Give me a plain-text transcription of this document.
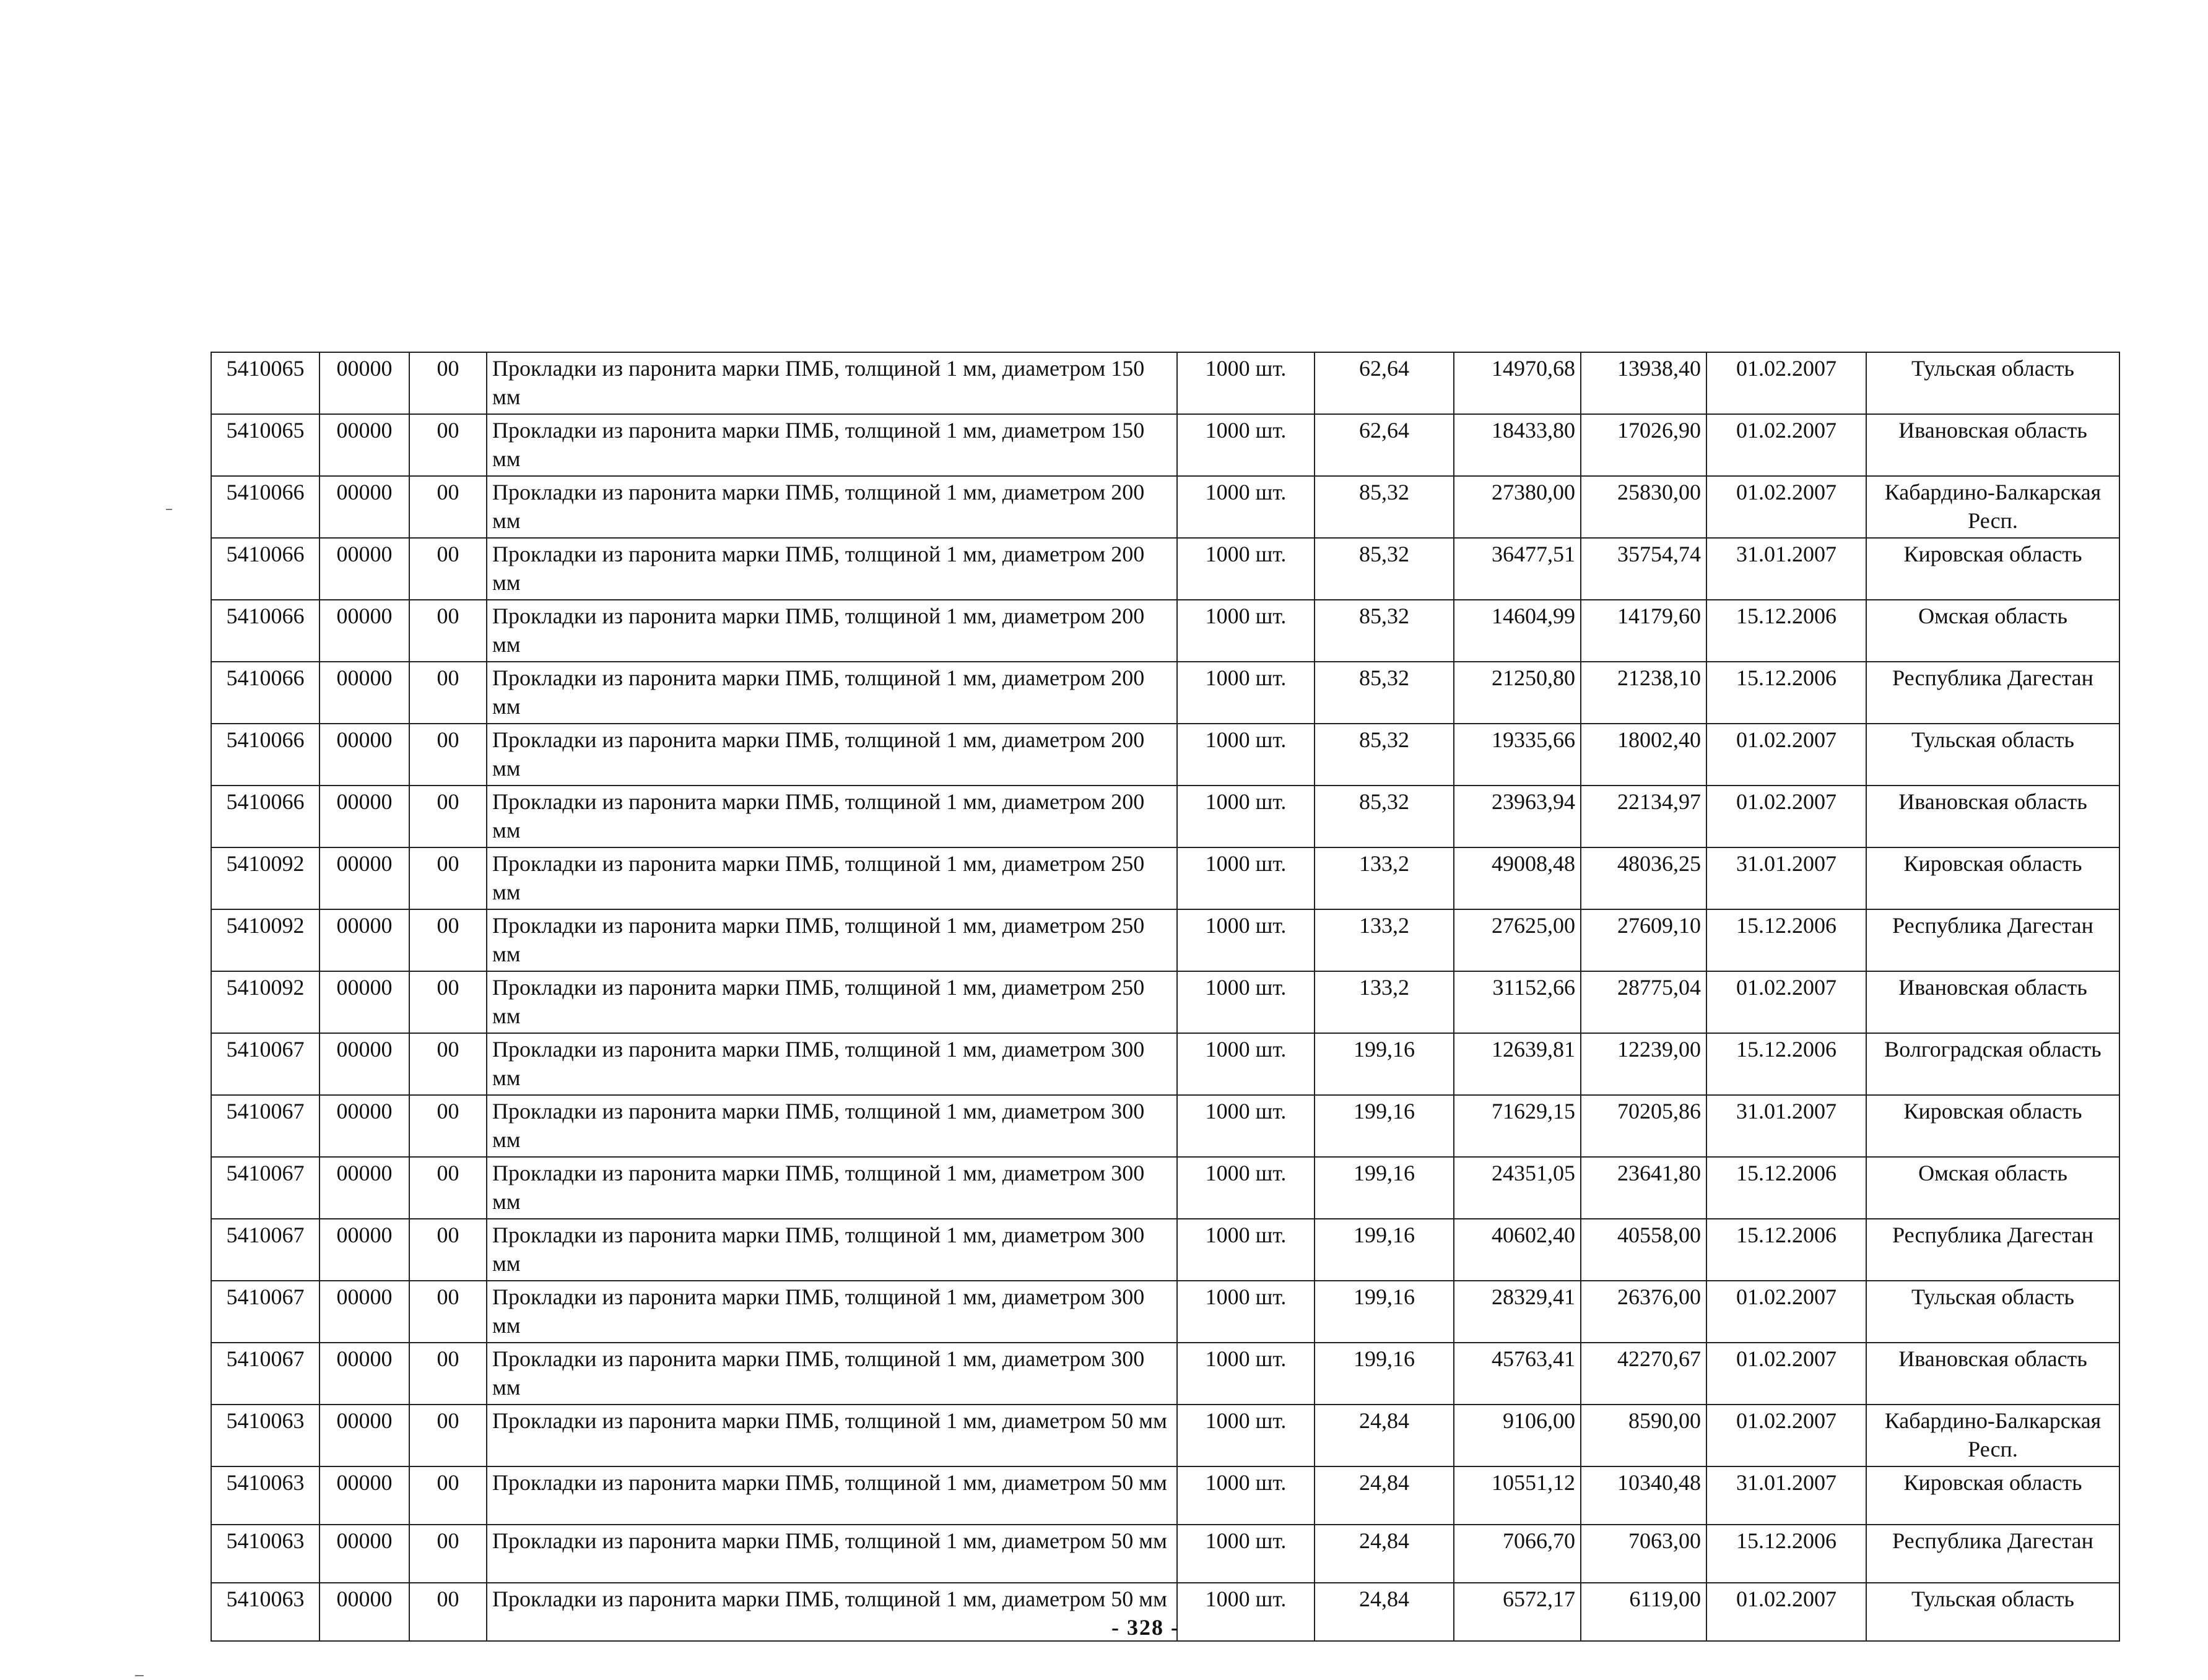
5410065	00000	00	Прокладки из паронита марки ПМБ, толщиной 1 мм, диаметром 150 мм	1000 шт.	62,64	14970,68	13938,40	01.02.2007	Тульская область
5410065	00000	00	Прокладки из паронита марки ПМБ, толщиной 1 мм, диаметром 150 мм	1000 шт.	62,64	18433,80	17026,90	01.02.2007	Ивановская область
5410066	00000	00	Прокладки из паронита марки ПМБ, толщиной 1 мм, диаметром 200 мм	1000 шт.	85,32	27380,00	25830,00	01.02.2007	Кабардино-Балкарская Респ.
5410066	00000	00	Прокладки из паронита марки ПМБ, толщиной 1 мм, диаметром 200 мм	1000 шт.	85,32	36477,51	35754,74	31.01.2007	Кировская область
5410066	00000	00	Прокладки из паронита марки ПМБ, толщиной 1 мм, диаметром 200 мм	1000 шт.	85,32	14604,99	14179,60	15.12.2006	Омская область
5410066	00000	00	Прокладки из паронита марки ПМБ, толщиной 1 мм, диаметром 200 мм	1000 шт.	85,32	21250,80	21238,10	15.12.2006	Республика Дагестан
5410066	00000	00	Прокладки из паронита марки ПМБ, толщиной 1 мм, диаметром 200 мм	1000 шт.	85,32	19335,66	18002,40	01.02.2007	Тульская область
5410066	00000	00	Прокладки из паронита марки ПМБ, толщиной 1 мм, диаметром 200 мм	1000 шт.	85,32	23963,94	22134,97	01.02.2007	Ивановская область
5410092	00000	00	Прокладки из паронита марки ПМБ, толщиной 1 мм, диаметром 250 мм	1000 шт.	133,2	49008,48	48036,25	31.01.2007	Кировская область
5410092	00000	00	Прокладки из паронита марки ПМБ, толщиной 1 мм, диаметром 250 мм	1000 шт.	133,2	27625,00	27609,10	15.12.2006	Республика Дагестан
5410092	00000	00	Прокладки из паронита марки ПМБ, толщиной 1 мм, диаметром 250 мм	1000 шт.	133,2	31152,66	28775,04	01.02.2007	Ивановская область
5410067	00000	00	Прокладки из паронита марки ПМБ, толщиной 1 мм, диаметром 300 мм	1000 шт.	199,16	12639,81	12239,00	15.12.2006	Волгоградская область
5410067	00000	00	Прокладки из паронита марки ПМБ, толщиной 1 мм, диаметром 300 мм	1000 шт.	199,16	71629,15	70205,86	31.01.2007	Кировская область
5410067	00000	00	Прокладки из паронита марки ПМБ, толщиной 1 мм, диаметром 300 мм	1000 шт.	199,16	24351,05	23641,80	15.12.2006	Омская область
5410067	00000	00	Прокладки из паронита марки ПМБ, толщиной 1 мм, диаметром 300 мм	1000 шт.	199,16	40602,40	40558,00	15.12.2006	Республика Дагестан
5410067	00000	00	Прокладки из паронита марки ПМБ, толщиной 1 мм, диаметром 300 мм	1000 шт.	199,16	28329,41	26376,00	01.02.2007	Тульская область
5410067	00000	00	Прокладки из паронита марки ПМБ, толщиной 1 мм, диаметром 300 мм	1000 шт.	199,16	45763,41	42270,67	01.02.2007	Ивановская область
5410063	00000	00	Прокладки из паронита марки ПМБ, толщиной 1 мм, диаметром 50 мм	1000 шт.	24,84	9106,00	8590,00	01.02.2007	Кабардино-Балкарская Респ.
5410063	00000	00	Прокладки из паронита марки ПМБ, толщиной 1 мм, диаметром 50 мм	1000 шт.	24,84	10551,12	10340,48	31.01.2007	Кировская область
5410063	00000	00	Прокладки из паронита марки ПМБ, толщиной 1 мм, диаметром 50 мм	1000 шт.	24,84	7066,70	7063,00	15.12.2006	Республика Дагестан
5410063	00000	00	Прокладки из паронита марки ПМБ, толщиной 1 мм, диаметром 50 мм	1000 шт.	24,84	6572,17	6119,00	01.02.2007	Тульская область
- 328 -
